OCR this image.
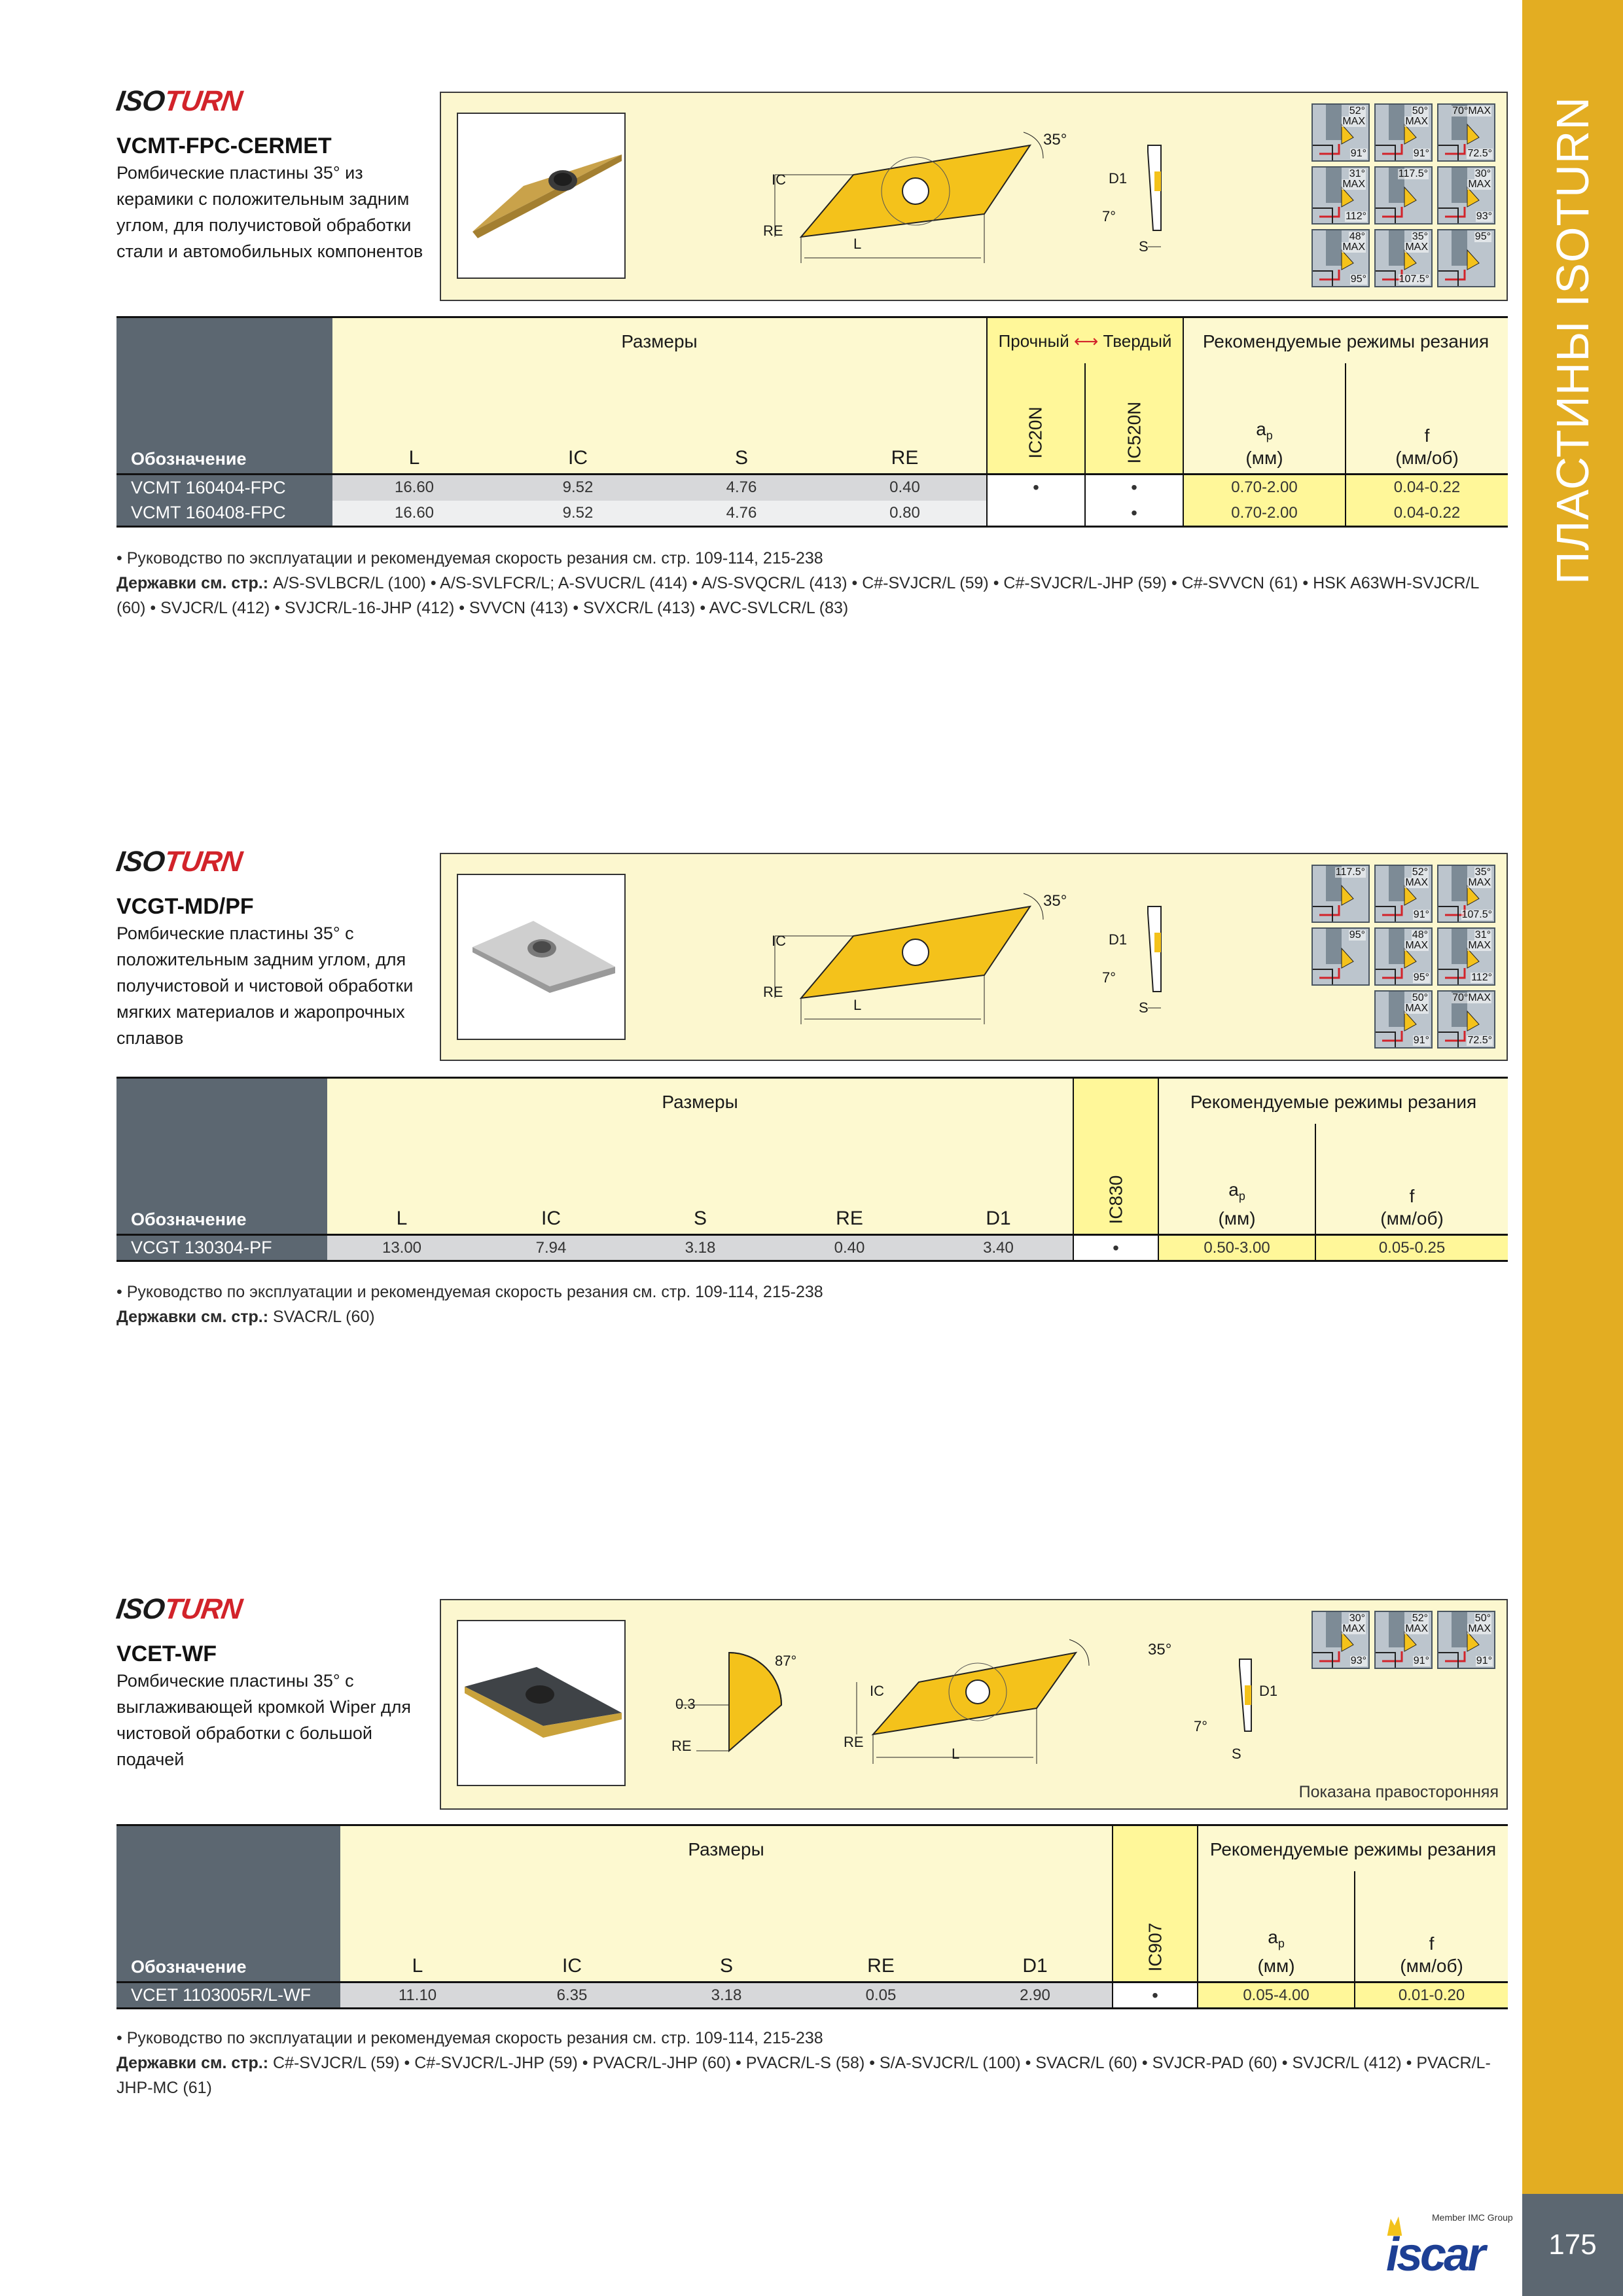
ПЛАСТИНЫ ISOTURN
175
Member IMC Group
iscar
ISOTURN
VCMT-FPC-CERMET
Ромбические пластины 35° из керамики с положительным задним углом, для получистовой обработки стали и автомобильных компонентов
35°
IC
RE
L
D1
7°
S
52°
MAX
91°
50°
MAX
91°
70°MAX
72.5°
31°
MAX
112°
117.5°	30°
MAX
93°
48°
MAX
95°
35°
MAX
107.5°
95°
Обозначение	Размеры				Прочный ⟷ Твердый		Рекомендуемые режимы резания	
	L	IC	S	RE	IC20N	IC520N	$a_p$
(мм)	f
(мм/об)
VCMT 160404-FPC	16.60	9.52	4.76	0.40	•	•	0.70-2.00	0.04-0.22
VCMT 160408-FPC	16.60	9.52	4.76	0.80		•	0.70-2.00	0.04-0.22
• Руководство по эксплуатации и рекомендуемая скорость резания см. стр. 109-114, 215-238
Державки см. стр.: A/S-SVLBCR/L (100) • A/S-SVLFCR/L; A-SVUCR/L (414) • A/S-SVQCR/L (413) • C#-SVJCR/L (59) • C#-SVJCR/L-JHP (59) • C#-SVVCN (61) • HSK A63WH-SVJCR/L (60) • SVJCR/L (412) • SVJCR/L-16-JHP (412) • SVVCN (413) • SVXCR/L (413) • AVC-SVLCR/L (83)
ISOTURN
VCGT-MD/PF
Ромбические пластины 35° с положительным задним углом, для получистовой и чистовой обработки мягких материалов и жаропрочных сплавов
35°
IC
RE
L
D1
7°
S
117.5°	52°
MAX
91°
35°
MAX
107.5°
95°	48°
MAX
95°
31°
MAX
112°
50°
MAX
91°
70°MAX
72.5°
Обозначение	Размеры					IC830	Рекомендуемые режимы резания	
	L	IC	S	RE	D1		$a_p$
(мм)	f
(мм/об)
VCGT 130304-PF	13.00	7.94	3.18	0.40	3.40	•	0.50-3.00	0.05-0.25
• Руководство по эксплуатации и рекомендуемая скорость резания см. стр. 109-114, 215-238
Державки см. стр.: SVACR/L (60)
ISOTURN
VCET-WF
Ромбические пластины 35° с выглаживающей кромкой Wiper для чистовой обработки с большой подачей
87°
0.3
RE
35°
IC
RE
L
D1
7°
S
30°
MAX
93°
52°
MAX
91°
50°
MAX
91°
Показана правосторонняя
Обозначение	Размеры					IC907	Рекомендуемые режимы резания	
	L	IC	S	RE	D1		$a_p$
(мм)	f
(мм/об)
VCET 1103005R/L-WF	11.10	6.35	3.18	0.05	2.90	•	0.05-4.00	0.01-0.20
• Руководство по эксплуатации и рекомендуемая скорость резания см. стр. 109-114, 215-238
Державки см. стр.: C#-SVJCR/L (59) • C#-SVJCR/L-JHP (59) • PVACR/L-JHP (60) • PVACR/L-S (58) • S/A-SVJCR/L (100) • SVACR/L (60) • SVJCR-PAD (60) • SVJCR/L (412) • PVACR/L-JHP-MC (61)
